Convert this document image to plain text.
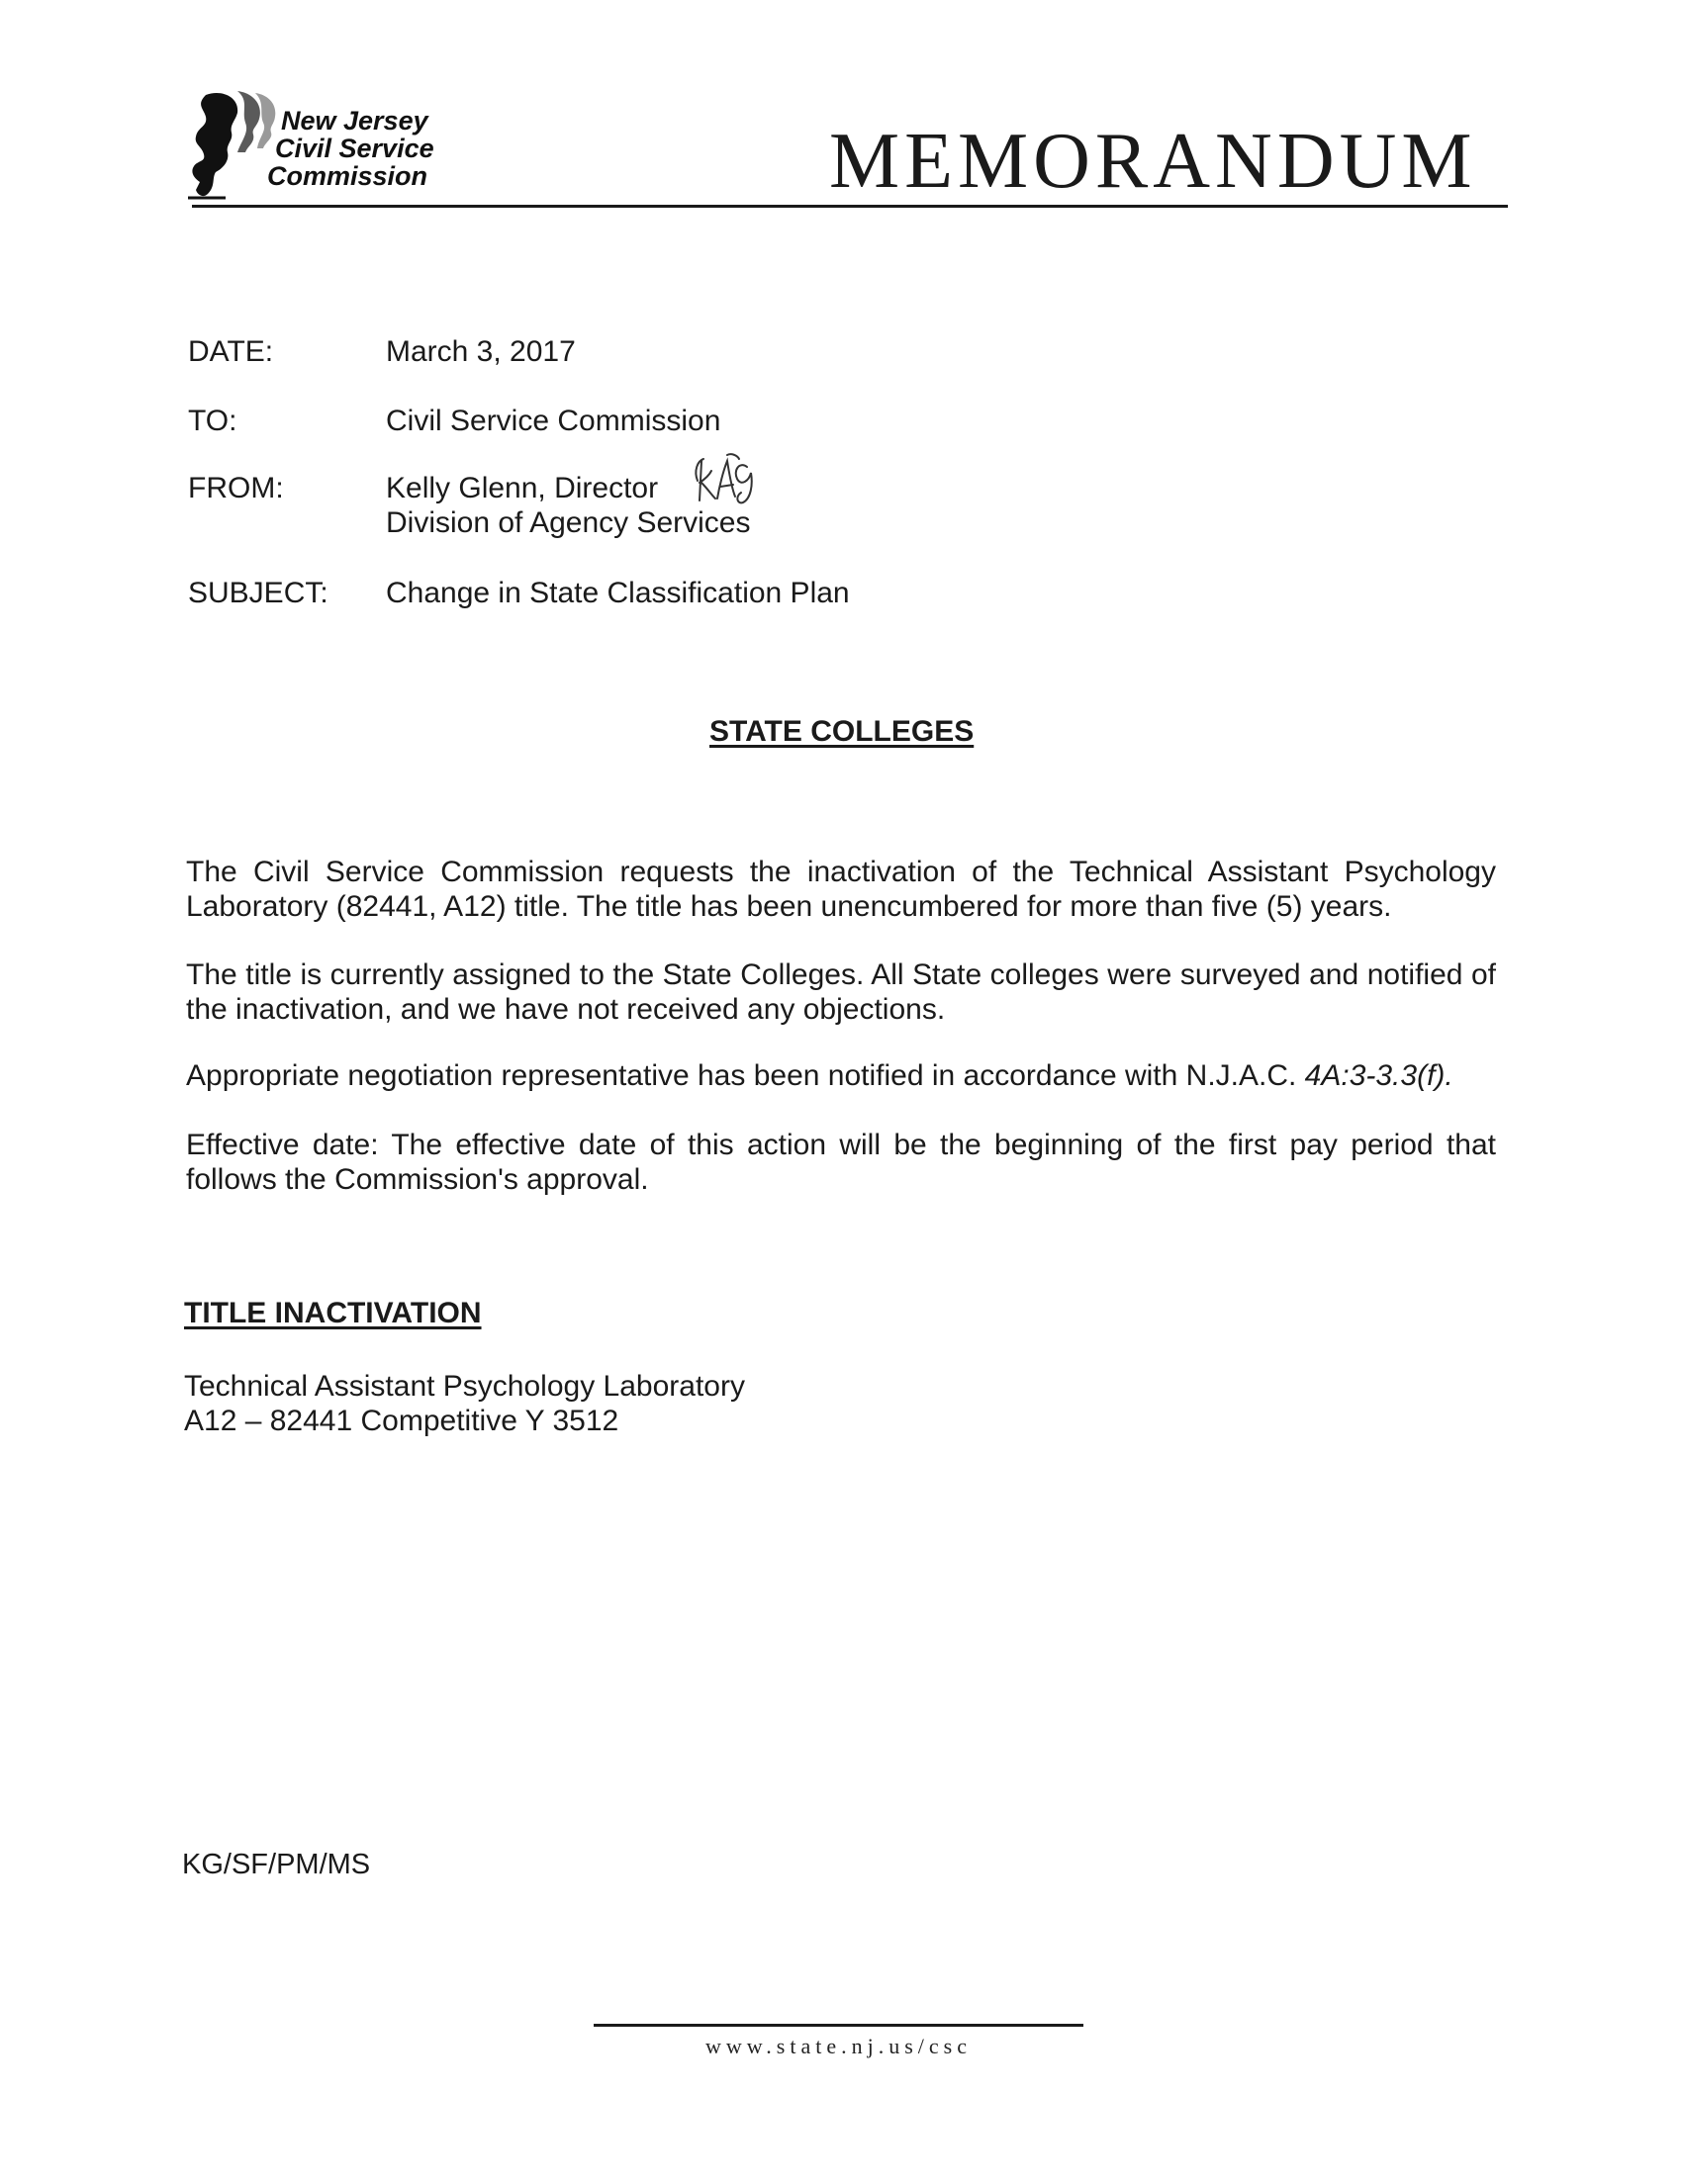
New Jersey
Civil Service
Commission	MEMORANDUM
DATE:	March 3, 2017
TO:	Civil Service Commission
FROM:	Kelly Glenn, Director
Division of Agency Services
SUBJECT: Change in State Classification Plan
STATE COLLEGES
The Civil Service Commission requests the inactivation of the Technical Assistant Psychology Laboratory (82441, A12) title. The title has been unencumbered for more than five (5) years.
The title is currently assigned to the State Colleges. All State colleges were surveyed and notified of the inactivation, and we have not received any objections.
Appropriate negotiation representative has been notified in accordance with N.J.A.C. 4A:3-3.3(f).
Effective date: The effective date of this action will be the beginning of the first pay period that follows the Commission's approval.
TITLE INACTIVATION
Technical Assistant Psychology Laboratory
A12 – 82441 Competitive Y 3512
KG/SF/PM/MS
www.state.nj.us/csc
